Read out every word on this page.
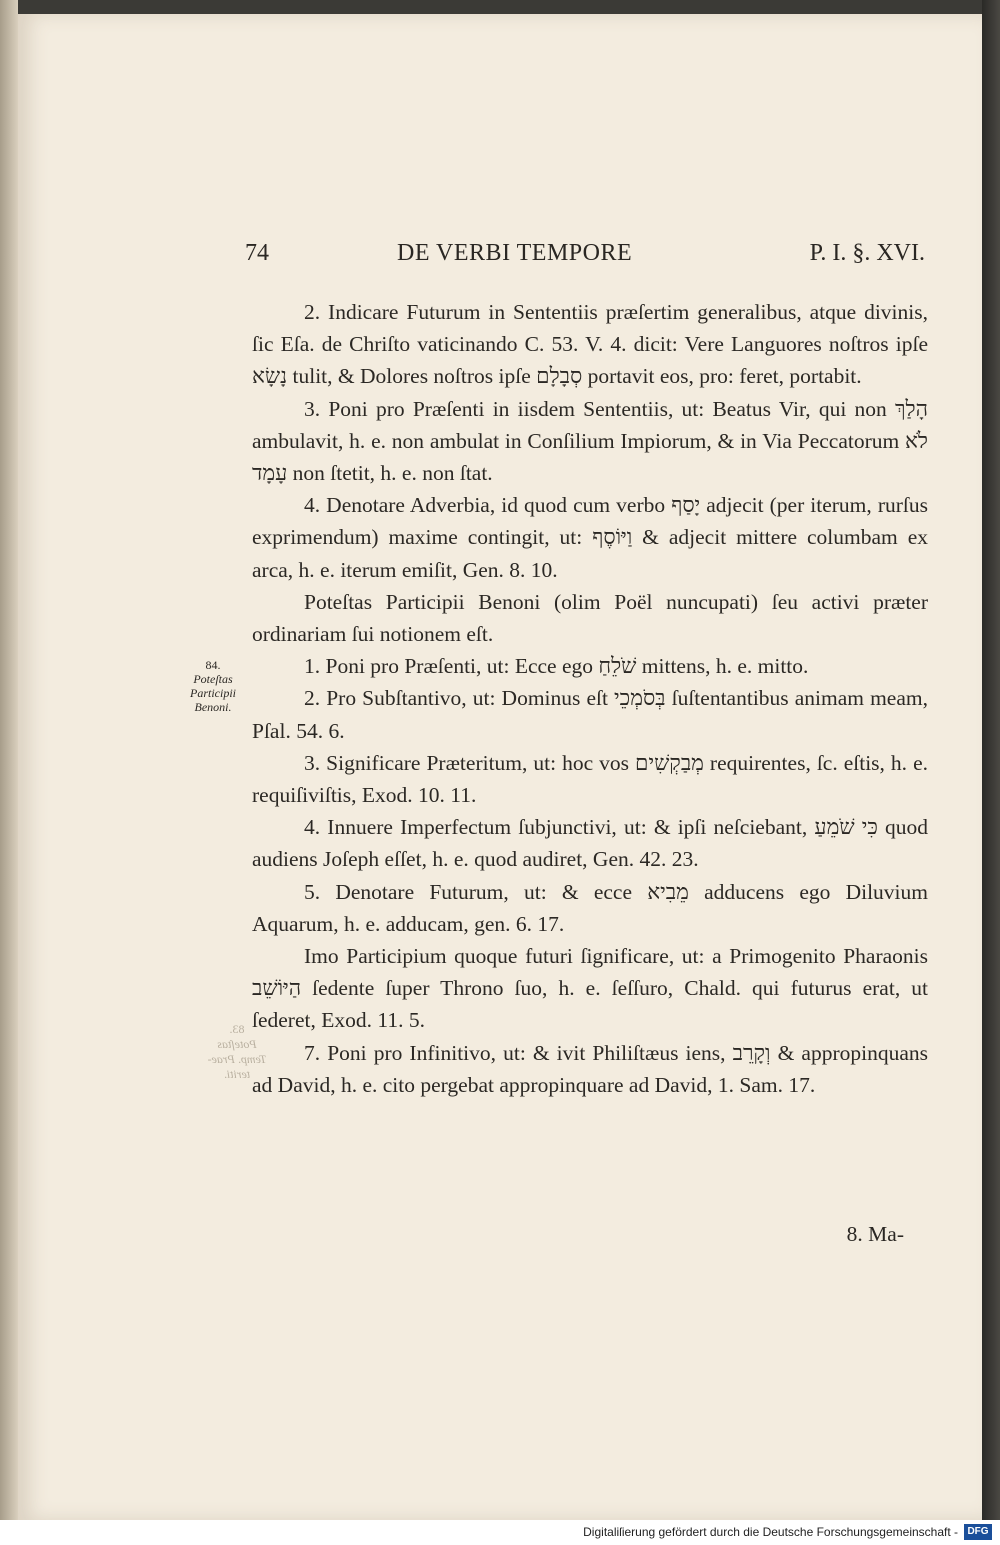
74	DE VERBI TEMPORE	P. I. §. XVI.
84.
Poteſtas
Participii
Benoni.
83.
Poteſtas
Temp. Prae-
teriti.

2. Indicare Futurum in Sententiis præſertim generalibus, atque divinis, ſic Eſa. de Chriſto vaticinando C. 53. V. 4. dicit: Vere Languores noſtros ipſe נָשָׂא tulit, & Dolores noſtros ipſe סְבָלָם portavit eos, pro: feret, portabit.

3. Poni pro Præſenti in iisdem Sententiis, ut: Beatus Vir, qui non הָלַךְ ambulavit, h. e. non ambulat in Conſilium Impiorum, & in Via Peccatorum לֹא עָמָד non ſtetit, h. e. non ſtat.

4. Denotare Adverbia, id quod cum verbo יָסַף adjecit (per iterum, rurſus exprimendum) maxime contingit, ut: וַיּוֹסֶף & adjecit mittere columbam ex arca, h. e. iterum emiſit, Gen. 8. 10.

Poteſtas Participii Benoni (olim Poël nuncupati) ſeu activi præter ordinariam ſui notionem eſt.

1. Poni pro Præſenti, ut: Ecce ego שֹׁלֵחַ mittens, h. e. mitto.

2. Pro Subſtantivo, ut: Dominus eſt בְּסֹמְכֵי ſuſtentantibus animam meam, Pſal. 54. 6.

3. Significare Præteritum, ut: hoc vos מְבַקְשִׁים requirentes, ſc. eſtis, h. e. requiſiviſtis, Exod. 10. 11.

4. Innuere Imperfectum ſubjunctivi, ut: & ipſi neſciebant, כִּי שֹׁמֵעַ quod audiens Joſeph eſſet, h. e. quod audiret, Gen. 42. 23.

5. Denotare Futurum, ut: & ecce מֵבִיא adducens ego Diluvium Aquarum, h. e. adducam, gen. 6. 17.

Imo Participium quoque futuri ſignificare, ut: a Primogenito Pharaonis הַיּוֹשֵׁב ſedente ſuper Throno ſuo, h. e. ſeſſuro, Chald. qui futurus erat, ut ſederet, Exod. 11. 5.

7. Poni pro Infinitivo, ut: & ivit Philiſtæus iens, וְקָרֵב & appropinquans ad David, h. e. cito pergebat appropinquare ad David, 1. Sam. 17.

8. Ma-
Digitaliſierung gefördert durch die Deutsche Forschungsgemeinschaft - DFG
